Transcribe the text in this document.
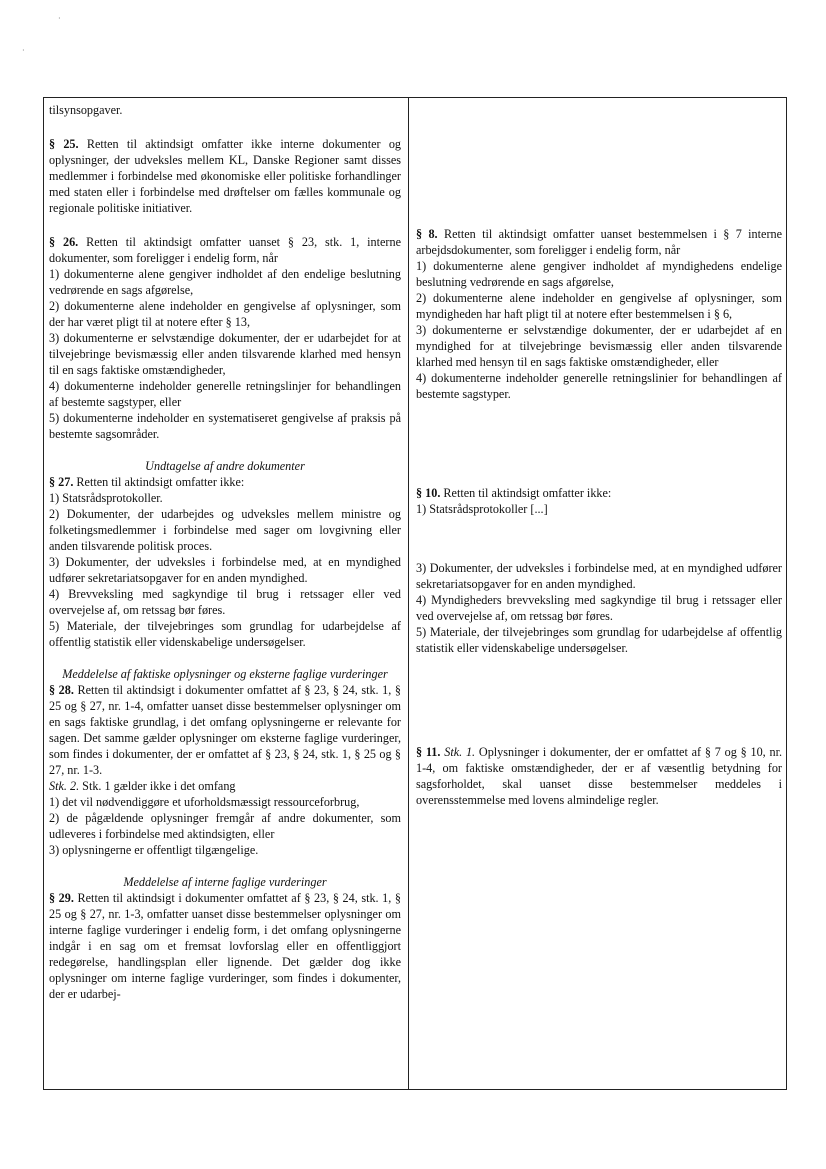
·
·

tilsynsopgaver.

§ 25. Retten til aktindsigt omfatter ikke interne dokumenter og oplysninger, der udveksles mellem KL, Danske Regioner samt disses medlemmer i forbindelse med økonomiske eller politiske forhandlinger med staten eller i forbindelse med drøftelser om fælles kommunale og regionale politiske initiativer.

§ 26. Retten til aktindsigt omfatter uanset § 23, stk. 1, interne dokumenter, som foreligger i endelig form, når

1) dokumenterne alene gengiver indholdet af den endelige beslutning vedrørende en sags afgørelse,

2) dokumenterne alene indeholder en gengivelse af oplysninger, som der har været pligt til at notere efter § 13,

3) dokumenterne er selvstændige dokumenter, der er udarbejdet for at tilvejebringe bevismæssig eller anden tilsvarende klarhed med hensyn til en sags faktiske omstændigheder,

4) dokumenterne indeholder generelle retningslinjer for behandlingen af bestemte sagstyper, eller

5) dokumenterne indeholder en systematiseret gengivelse af praksis på bestemte sagsområder.

Undtagelse af andre dokumenter

§ 27. Retten til aktindsigt omfatter ikke:

1) Statsrådsprotokoller.

2) Dokumenter, der udarbejdes og udveksles mellem ministre og folketingsmedlemmer i forbindelse med sager om lovgivning eller anden tilsvarende politisk proces.

3) Dokumenter, der udveksles i forbindelse med, at en myndighed udfører sekretariatsopgaver for en anden myndighed.

4) Brevveksling med sagkyndige til brug i retssager eller ved overvejelse af, om retssag bør føres.

5) Materiale, der tilvejebringes som grundlag for udarbejdelse af offentlig statistik eller videnskabelige undersøgelser.

Meddelelse af faktiske oplysninger og eksterne faglige vurderinger

§ 28. Retten til aktindsigt i dokumenter omfattet af § 23, § 24, stk. 1, § 25 og § 27, nr. 1-4, omfatter uanset disse bestemmelser oplysninger om en sags faktiske grundlag, i det omfang oplysningerne er relevante for sagen. Det samme gælder oplysninger om eksterne faglige vurderinger, som findes i dokumenter, der er omfattet af § 23, § 24, stk. 1, § 25 og § 27, nr. 1-3.

Stk. 2. Stk. 1 gælder ikke i det omfang

1) det vil nødvendiggøre et uforholdsmæssigt ressourceforbrug,

2) de pågældende oplysninger fremgår af andre dokumenter, som udleveres i forbindelse med aktindsigten, eller

3) oplysningerne er offentligt tilgængelige.

Meddelelse af interne faglige vurderinger

§ 29. Retten til aktindsigt i dokumenter omfattet af § 23, § 24, stk. 1, § 25 og § 27, nr. 1-3, omfatter uanset disse bestemmelser oplysninger om interne faglige vurderinger i endelig form, i det omfang oplysningerne indgår i en sag om et fremsat lovforslag eller en offentliggjort redegørelse, handlingsplan eller lignende. Det gælder dog ikke oplysninger om interne faglige vurderinger, som findes i dokumenter, der er udarbej-

§ 8. Retten til aktindsigt omfatter uanset bestemmelsen i § 7 interne arbejdsdokumenter, som foreligger i endelig form, når

1) dokumenterne alene gengiver indholdet af myndighedens endelige beslutning vedrørende en sags afgørelse,

2) dokumenterne alene indeholder en gengivelse af oplysninger, som myndigheden har haft pligt til at notere efter bestemmelsen i § 6,

3) dokumenterne er selvstændige dokumenter, der er udarbejdet af en myndighed for at tilvejebringe bevismæssig eller anden tilsvarende klarhed med hensyn til en sags faktiske omstændigheder, eller

4) dokumenterne indeholder generelle retningslinier for behandlingen af bestemte sagstyper.

§ 10. Retten til aktindsigt omfatter ikke:

1) Statsrådsprotokoller [...]

3) Dokumenter, der udveksles i forbindelse med, at en myndighed udfører sekretariatsopgaver for en anden myndighed.

4) Myndigheders brevveksling med sagkyndige til brug i retssager eller ved overvejelse af, om retssag bør føres.

5) Materiale, der tilvejebringes som grundlag for udarbejdelse af offentlig statistik eller videnskabelige undersøgelser.

§ 11. Stk. 1. Oplysninger i dokumenter, der er omfattet af § 7 og § 10, nr. 1-4, om faktiske omstændigheder, der er af væsentlig betydning for sagsforholdet, skal uanset disse bestemmelser meddeles i overensstemmelse med lovens almindelige regler.
